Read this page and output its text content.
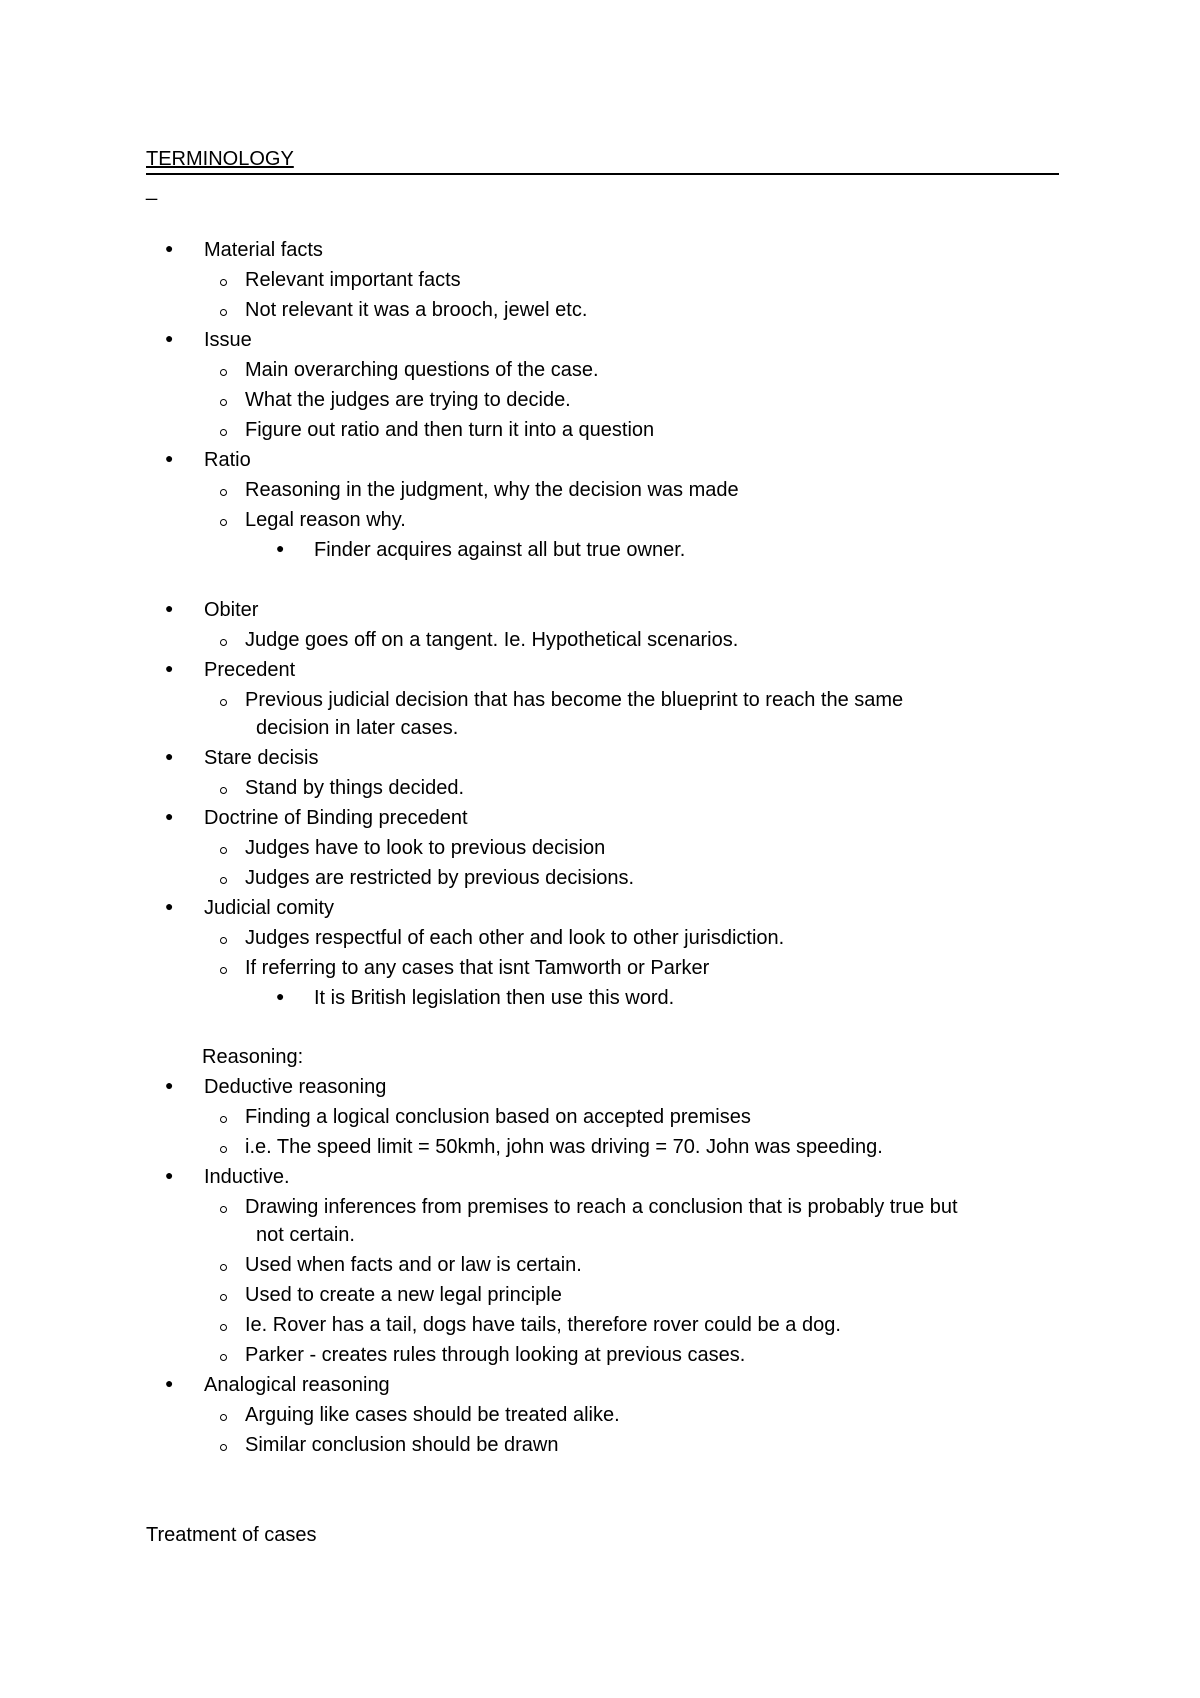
TERMINOLOGY
_
● Material facts
Relevant important facts
Not relevant it was a brooch, jewel etc.
● Issue
Main overarching questions of the case.
What the judges are trying to decide.
Figure out ratio and then turn it into a question
● Ratio
Reasoning in the judgment, why the decision was made
Legal reason why.
● Finder acquires against all but true owner.
● Obiter
Judge goes off on a tangent. Ie. Hypothetical scenarios.
● Precedent
Previous judicial decision that has become the blueprint to reach the same
decision in later cases.
● Stare decisis
Stand by things decided.
● Doctrine of Binding precedent
Judges have to look to previous decision
Judges are restricted by previous decisions.
● Judicial comity
Judges respectful of each other and look to other jurisdiction.
If referring to any cases that isnt Tamworth or Parker
● It is British legislation then use this word.
Reasoning:
● Deductive reasoning
Finding a logical conclusion based on accepted premises
i.e. The speed limit = 50kmh, john was driving = 70. John was speeding.
● Inductive.
Drawing inferences from premises to reach a conclusion that is probably true but
not certain.
Used when facts and or law is certain.
Used to create a new legal principle
Ie. Rover has a tail, dogs have tails, therefore rover could be a dog.
Parker - creates rules through looking at previous cases.
● Analogical reasoning
Arguing like cases should be treated alike.
Similar conclusion should be drawn
Treatment of cases
